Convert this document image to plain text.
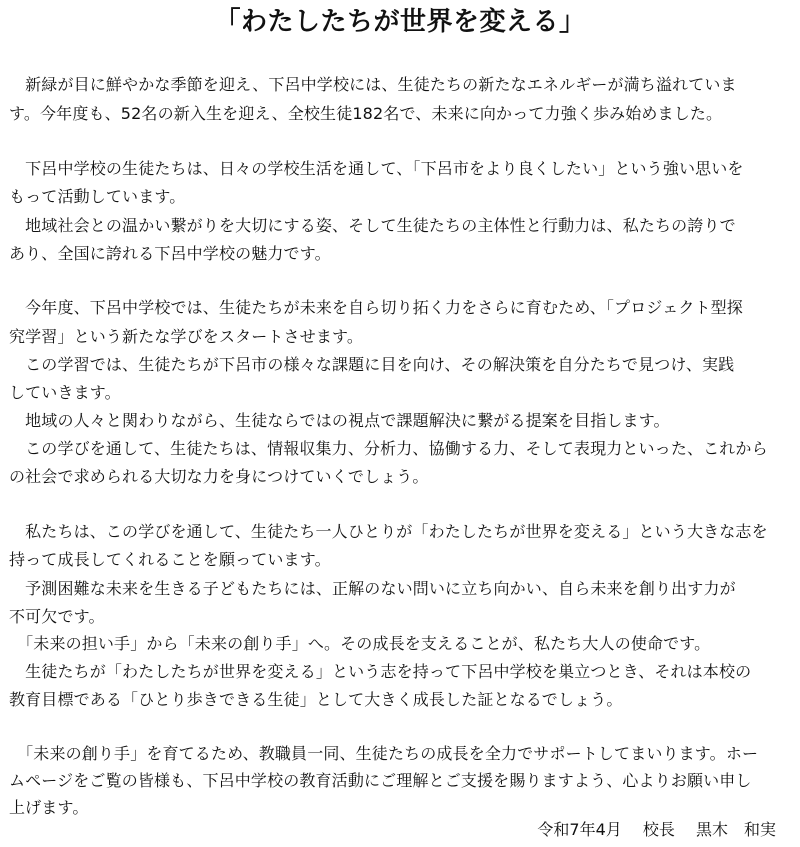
「わたしたちが世界を変える」
　新緑が目に鮮やかな季節を迎え、下呂中学校には、生徒たちの新たなエネルギーが満ち溢れていま
す。今年度も、52名の新入生を迎え、全校生徒182名で、未来に向かって力強く歩み始めました。
　下呂中学校の生徒たちは、日々の学校生活を通して、「下呂市をより良くしたい」という強い思いを
もって活動しています。
　地域社会との温かい繋がりを大切にする姿、そして生徒たちの主体性と行動力は、私たちの誇りで
あり、全国に誇れる下呂中学校の魅力です。
　今年度、下呂中学校では、生徒たちが未来を自ら切り拓く力をさらに育むため、「プロジェクト型探
究学習」という新たな学びをスタートさせます。
　この学習では、生徒たちが下呂市の様々な課題に目を向け、その解決策を自分たちで見つけ、実践
していきます。
　地域の人々と関わりながら、生徒ならではの視点で課題解決に繋がる提案を目指します。
　この学びを通して、生徒たちは、情報収集力、分析力、協働する力、そして表現力といった、これから
の社会で求められる大切な力を身につけていくでしょう。
　私たちは、この学びを通して、生徒たち一人ひとりが「わたしたちが世界を変える」という大きな志を
持って成長してくれることを願っています。
　予測困難な未来を生きる子どもたちには、正解のない問いに立ち向かい、自ら未来を創り出す力が
不可欠です。
　「未来の担い手」から「未来の創り手」へ。その成長を支えることが、私たち大人の使命です。
　生徒たちが「わたしたちが世界を変える」という志を持って下呂中学校を巣立つとき、それは本校の
教育目標である「ひとり歩きできる生徒」として大きく成長した証となるでしょう。
　「未来の創り手」を育てるため、教職員一同、生徒たちの成長を全力でサポートしてまいります。ホー
ムページをご覧の皆様も、下呂中学校の教育活動にご理解とご支援を賜りますよう、心よりお願い申し
上げます。
令和7年4月 校長 黒木　和実
